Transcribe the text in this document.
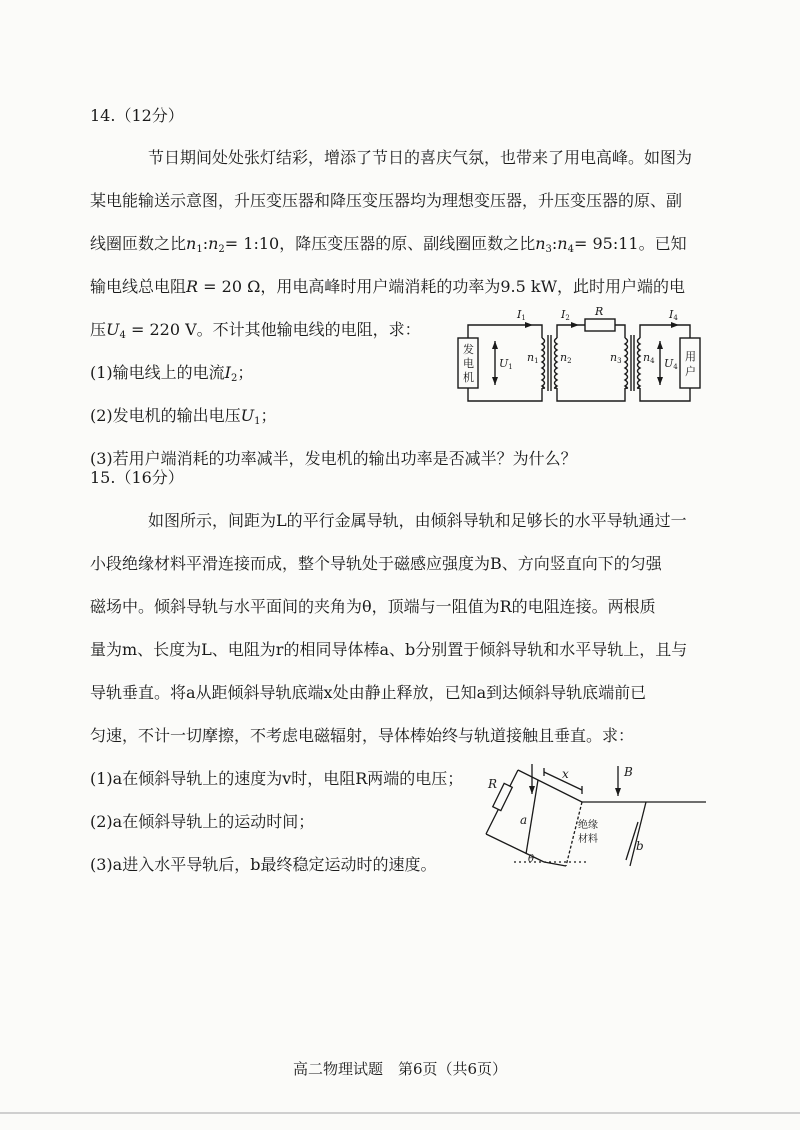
14.（12分）
节日期间处处张灯结彩，增添了节日的喜庆气氛，也带来了用电高峰。如图为
某电能输送示意图，升压变压器和降压变压器均为理想变压器，升压变压器的原、副
线圈匝数之比$n_1:n_2=$ 1:10，降压变压器的原、副线圈匝数之比$n_3:n_4=$ 95:11。已知
输电线总电阻R = 20 Ω，用电高峰时用户端消耗的功率为9.5 kW，此时用户端的电
压$U_4 = 220$ V。不计其他输电线的电阻，求：
(1)输电线上的电流$I_2$；
(2)发电机的输出电压$U_1$；
(3)若用户端消耗的功率减半，发电机的输出功率是否减半？为什么？
发
电
机
用
户
I1	I2 R	I4
U1	U4
n1 n2	n3 n4
15.（16分）
如图所示，间距为L的平行金属导轨，由倾斜导轨和足够长的水平导轨通过一
小段绝缘材料平滑连接而成，整个导轨处于磁感应强度为B、方向竖直向下的匀强
磁场中。倾斜导轨与水平面间的夹角为θ，顶端与一阻值为R的电阻连接。两根质
量为m、长度为L、电阻为r的相同导体棒a、b分别置于倾斜导轨和水平导轨上，且与
导轨垂直。将a从距倾斜导轨底端x处由静止释放，已知a到达倾斜导轨底端前已
匀速，不计一切摩擦，不考虑电磁辐射，导体棒始终与轨道接触且垂直。求：
(1)a在倾斜导轨上的速度为v时，电阻R两端的电压；
(2)a在倾斜导轨上的运动时间；
(3)a进入水平导轨后，b最终稳定运动时的速度。
R
x	B
a
b
θ
绝缘
材料
高二物理试题　第6页（共6页）
